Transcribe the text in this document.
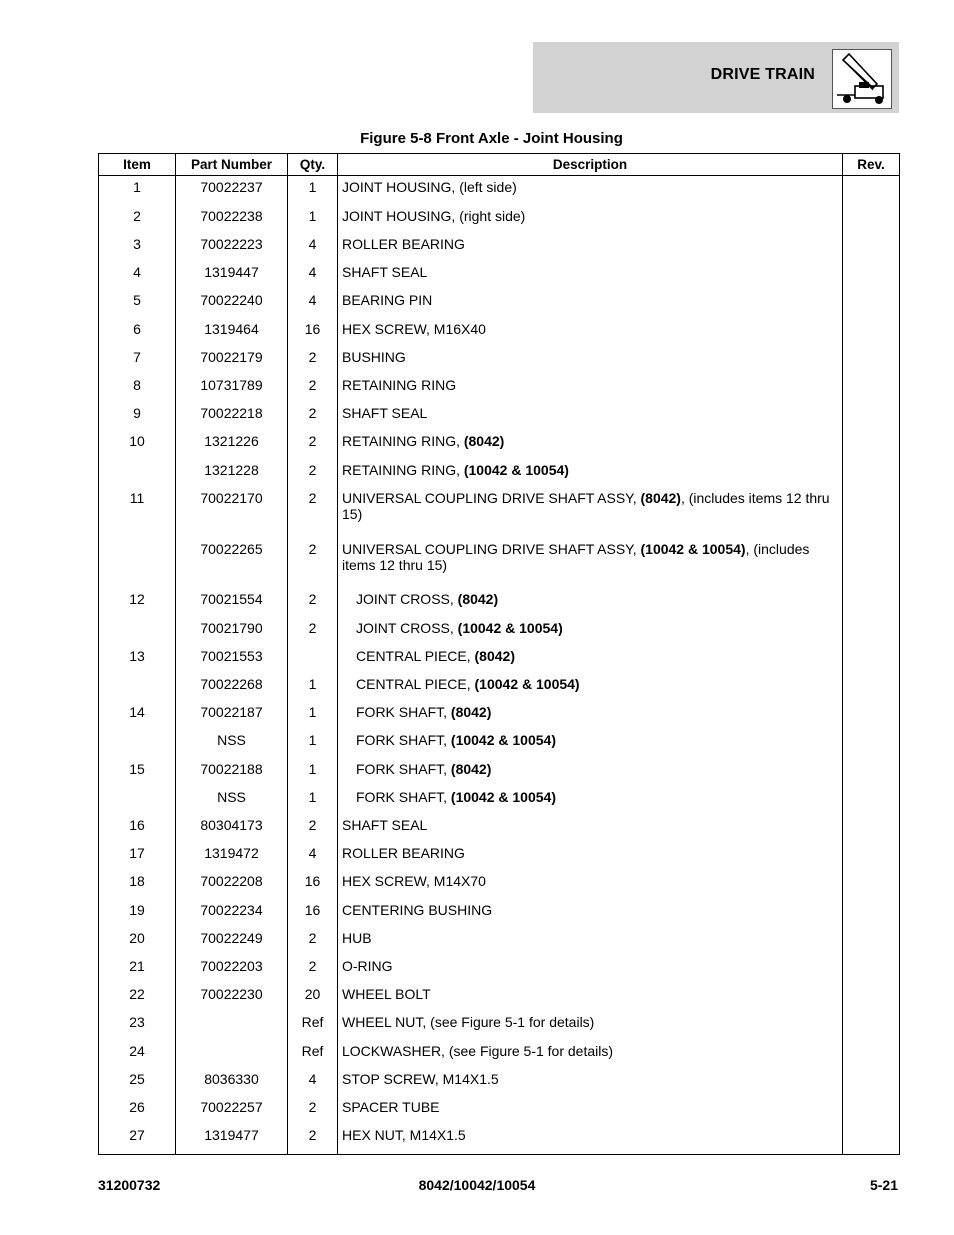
DRIVE TRAIN
Figure 5-8 Front Axle - Joint Housing
Item	Part Number	Qty.	Description	Rev.
1	70022237	1	JOINT HOUSING, (left side)	
2	70022238	1	JOINT HOUSING, (right side)	
3	70022223	4	ROLLER BEARING	
4	1319447	4	SHAFT SEAL	
5	70022240	4	BEARING PIN	
6	1319464	16	HEX SCREW, M16X40	
7	70022179	2	BUSHING	
8	10731789	2	RETAINING RING	
9	70022218	2	SHAFT SEAL	
10	1321226	2	RETAINING RING, (8042)	
	1321228	2	RETAINING RING, (10042 & 10054)	
11	70022170	2	UNIVERSAL COUPLING DRIVE SHAFT ASSY, (8042), (includes items 12 thru 15)	
	70022265	2	UNIVERSAL COUPLING DRIVE SHAFT ASSY, (10042 & 10054), (includes items 12 thru 15)	
12	70021554	2	JOINT CROSS, (8042)	
	70021790	2	JOINT CROSS, (10042 & 10054)	
13	70021553		CENTRAL PIECE, (8042)	
	70022268	1	CENTRAL PIECE, (10042 & 10054)	
14	70022187	1	FORK SHAFT, (8042)	
	NSS	1	FORK SHAFT, (10042 & 10054)	
15	70022188	1	FORK SHAFT, (8042)	
	NSS	1	FORK SHAFT, (10042 & 10054)	
16	80304173	2	SHAFT SEAL	
17	1319472	4	ROLLER BEARING	
18	70022208	16	HEX SCREW, M14X70	
19	70022234	16	CENTERING BUSHING	
20	70022249	2	HUB	
21	70022203	2	O-RING	
22	70022230	20	WHEEL BOLT	
23		Ref	WHEEL NUT, (see Figure 5-1 for details)	
24		Ref	LOCKWASHER, (see Figure 5-1 for details)	
25	8036330	4	STOP SCREW, M14X1.5	
26	70022257	2	SPACER TUBE	
27	1319477	2	HEX NUT, M14X1.5	

31200732	8042/10042/10054	5-21
